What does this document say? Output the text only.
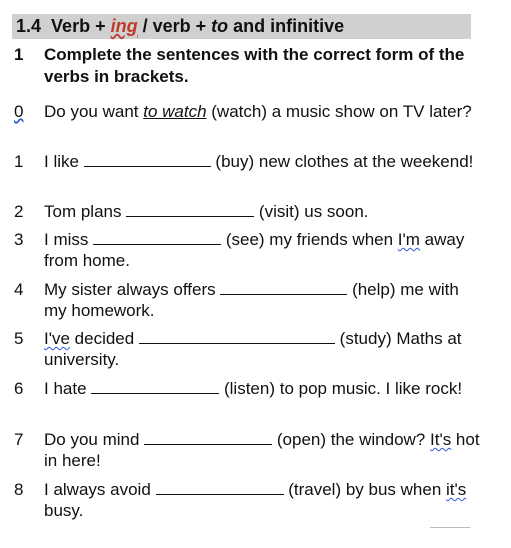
1.4 Verb + ing / verb + to and infinitive
1 Complete the sentences with the correct form of the verbs in brackets.
0 Do you want to watch (watch) a music show on TV later?
1 I like	(buy) new clothes at the weekend!
2 Tom plans	(visit) us soon.
3 I miss	(see) my friends when I'm away from home.
4 My sister always offers	(help) me with my homework.
5 I've decided	(study) Maths at university.
6 I hate	(listen) to pop music. I like rock!
7 Do you mind	(open) the window? It's hot in here!
8 I always avoid	(travel) by bus when it's busy.
